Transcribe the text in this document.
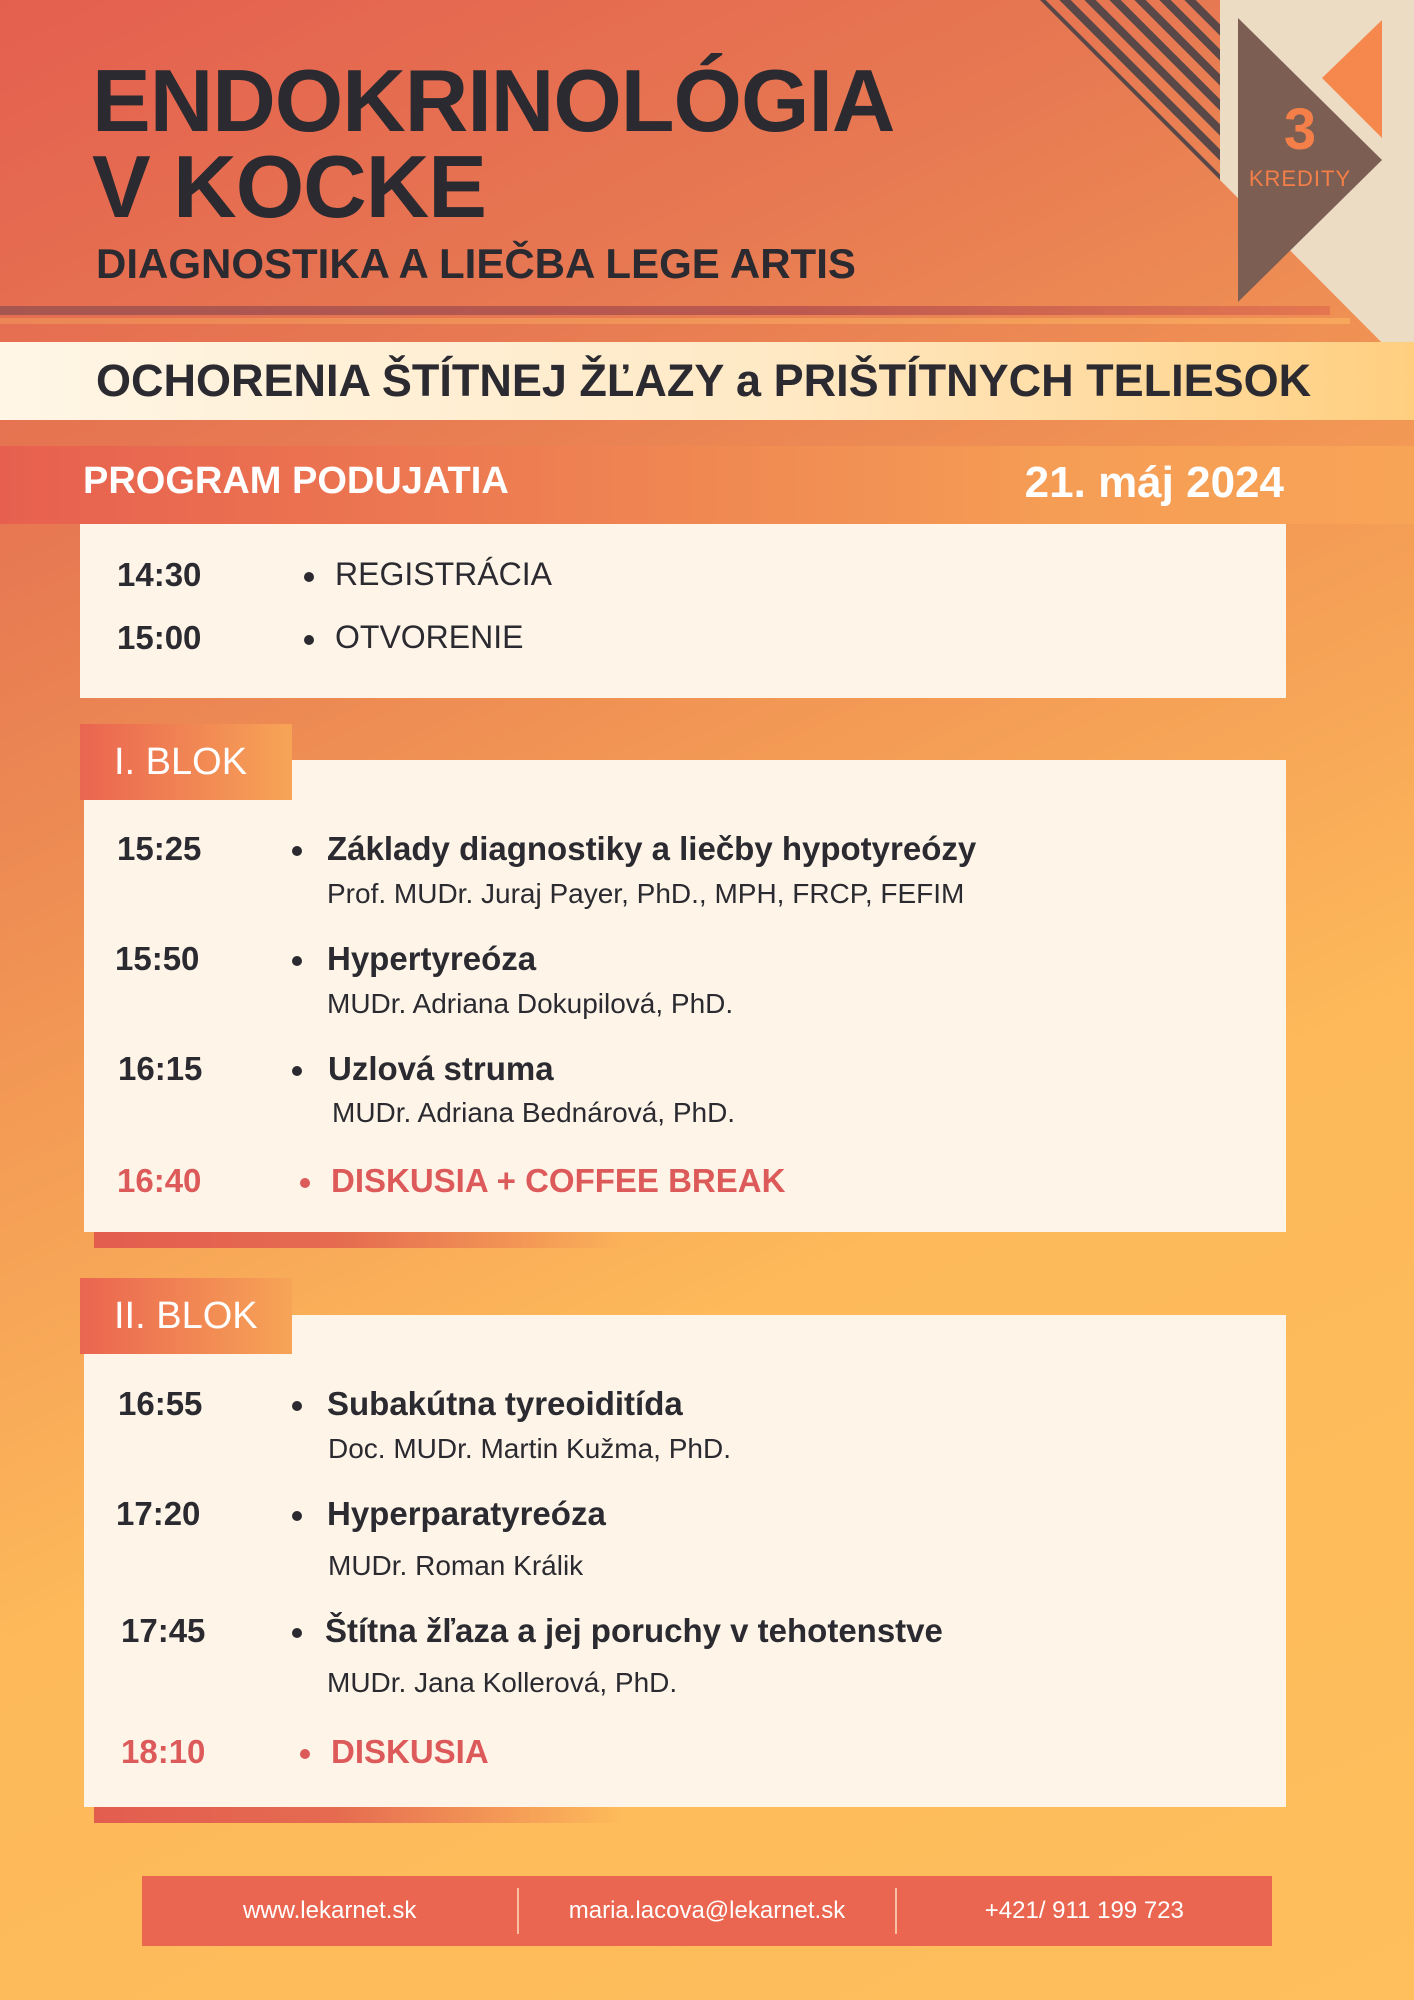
3
KREDITY
ENDOKRINOLÓGIA
V KOCKE
DIAGNOSTIKA A LIEČBA LEGE ARTIS
OCHORENIA ŠTÍTNEJ ŽĽAZY a PRIŠTÍTNYCH TELIESOK
PROGRAM PODUJATIA	21. máj 2024
14:30	REGISTRÁCIA
15:00	OTVORENIE
15:25	Základy diagnostiky a liečby hypotyreózy
Prof. MUDr. Juraj Payer, PhD., MPH, FRCP, FEFIM
15:50	Hypertyreóza
MUDr. Adriana Dokupilová, PhD.
16:15	Uzlová struma
MUDr. Adriana Bednárová, PhD.
16:40	DISKUSIA + COFFEE BREAK
I. BLOK
16:55	Subakútna tyreoiditída
Doc. MUDr. Martin Kužma, PhD.
17:20	Hyperparatyreóza
MUDr. Roman Králik
17:45	Štítna žľaza a jej poruchy v tehotenstve
MUDr. Jana Kollerová, PhD.
18:10	DISKUSIA
II. BLOK
www.lekarnet.sk	maria.lacova@lekarnet.sk	+421/ 911 199 723
